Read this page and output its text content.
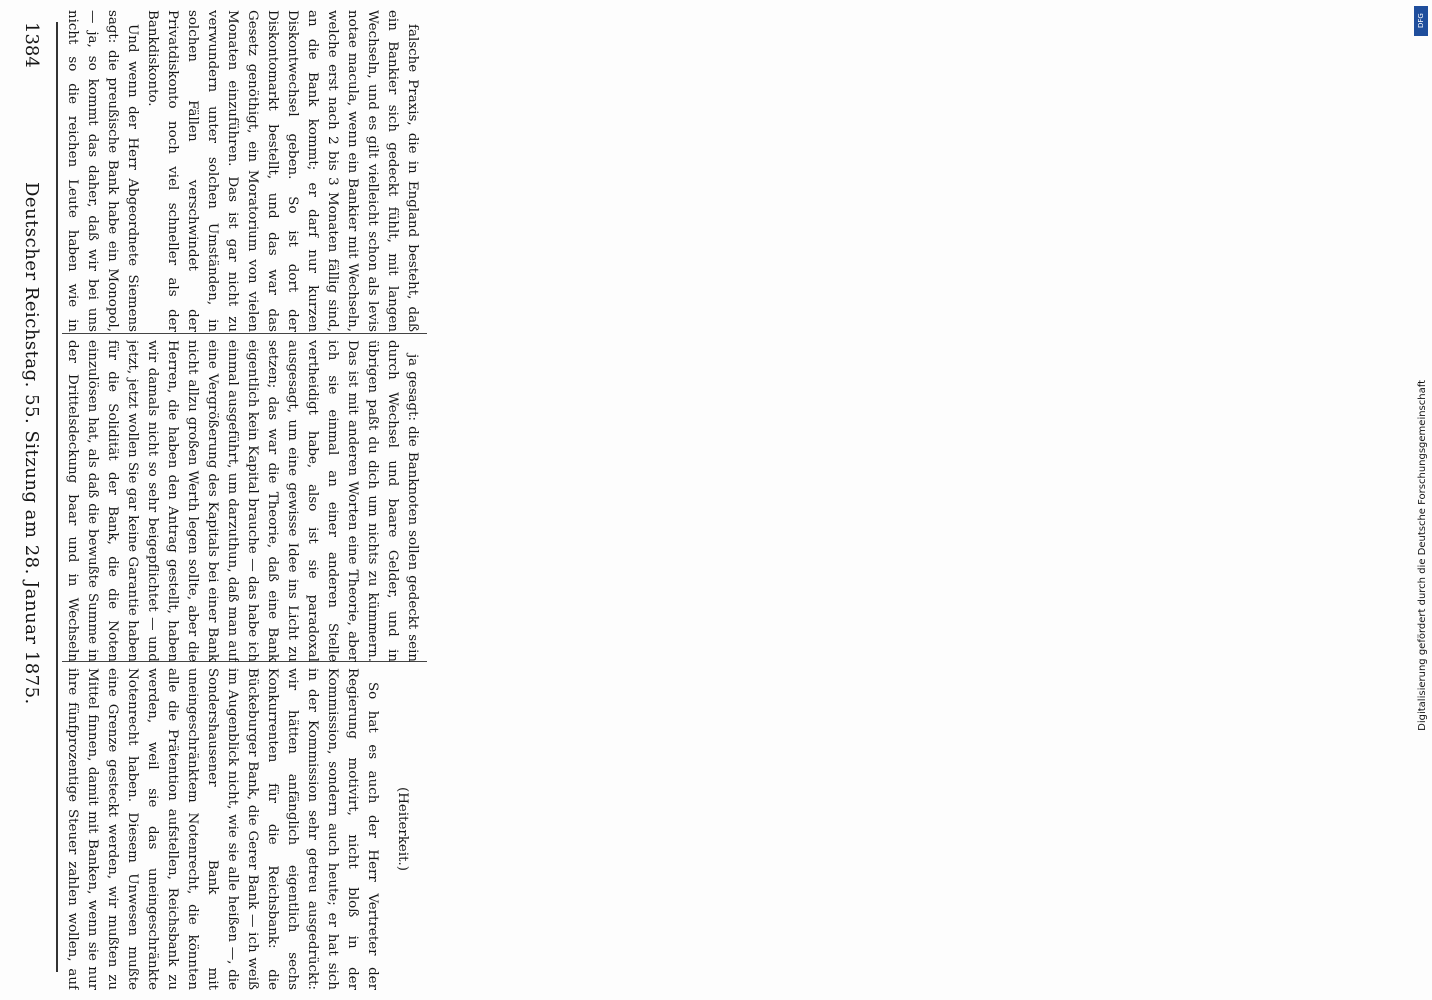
1384
Deutscher Reichstag. 55. Sitzung am 28. Januar 1875.

falsche Praxis, die in England besteht, daß ein Bankier sich gedeckt fühlt, mit langen Wechseln, und es gilt vielleicht schon als levis notae macula, wenn ein Bankier mit Wechseln, welche erst nach 2 bis 3 Monaten fällig sind, an die Bank kommt; er darf nur kurzen Diskontwechsel geben. So ist dort der Diskontomarkt bestellt, und das war das Gesetz genöthigt, ein Moratorium von vielen Monaten einzuführen. Das ist gar nicht zu verwundern unter solchen Umständen, in solchen Fällen verschwindet der Privatdiskonto noch viel schneller als der Bankdiskonto.

Und wenn der Herr Abgeordnete Siemens sagt: die preußische Bank habe ein Monopol, — ja, so kommt das daher, daß wir bei uns nicht so die reichen Leute haben wie in

ja gesagt: die Banknoten sollen gedeckt sein durch Wechsel und baare Gelder, und in übrigen paßt du dich um nichts zu kümmern. Das ist mit anderen Worten eine Theorie, aber ich sie einmal an einer anderen Stelle vertheidigt habe, also ist sie paradoxal ausgesagt, um eine gewisse Idee ins Licht zu setzen; das war die Theorie, daß eine Bank eigentlich kein Kapital brauche — das habe ich einmal ausgeführt, um darzuthun, daß man auf eine Vergrößerung des Kapitals bei einer Bank nicht allzu großen Werth legen sollte, aber die Herren, die haben den Antrag gestellt, haben wir damals nicht so sehr beigepflichtet — und jetzt, jetzt wollen Sie gar keine Garantie haben für die Solidität der Bank, die die Noten einzulösen hat, als daß die bewußte Summe in der Drittelsdeckung baar und in Wechseln

(Heiterkeit.)

So hat es auch der Herr Vertreter der Regierung motivirt, nicht bloß in der Kommission, sondern auch heute; er hat sich in der Kommission sehr getreu ausgedrückt: wir hätten anfänglich eigentlich sechs Konkurrenten für die Reichsbank: die Bückeburger Bank, die Gerer Bank — ich weiß im Augenblick nicht, wie sie alle heißen —, die Sondershausener Bank mit uneingeschränktem Notenrecht, die könnten alle die Prätention aufstellen, Reichsbank zu werden, weil sie das uneingeschränkte Notenrecht haben. Diesem Unwesen mußte eine Grenze gesteckt werden, wir mußten zu Mittel finnen, damit mit Banken, wenn sie nur ihre fünfprozentige Steuer zahlen wollen, auf

DFG
Digitalisierung gefördert durch die Deutsche Forschungsgemeinschaft
